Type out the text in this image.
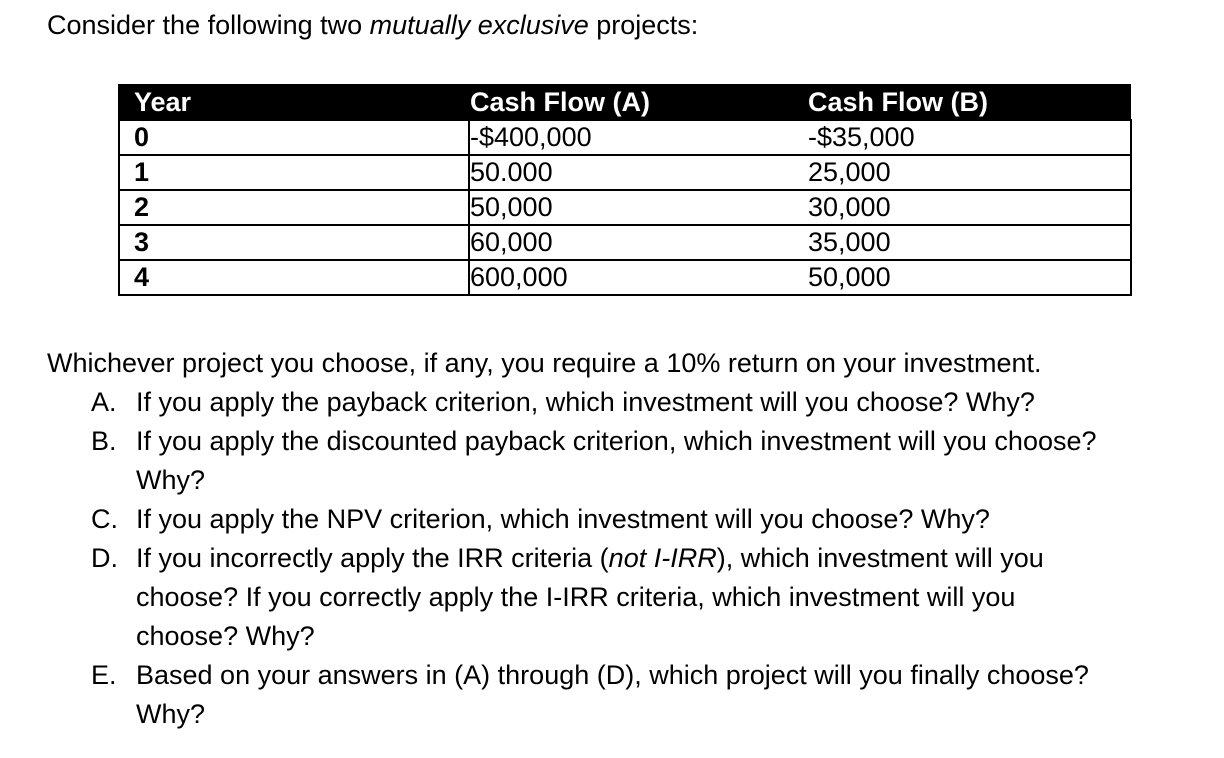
Consider the following two mutually exclusive projects:
Year	Cash Flow (A)	Cash Flow (B)
0	-$400,000	-$35,000
1	50.000	25,000
2	50,000	30,000
3	60,000	35,000
4	600,000	50,000

Whichever project you choose, if any, you require a 10% return on your investment.

A. If you apply the payback criterion, which investment will you choose? Why?
B. If you apply the discounted payback criterion, which investment will you choose?
Why?
C. If you apply the NPV criterion, which investment will you choose? Why?
D. If you incorrectly apply the IRR criteria (not I-IRR), which investment will you
choose? If you correctly apply the I-IRR criteria, which investment will you
choose? Why?
E. Based on your answers in (A) through (D), which project will you finally choose?
Why?
